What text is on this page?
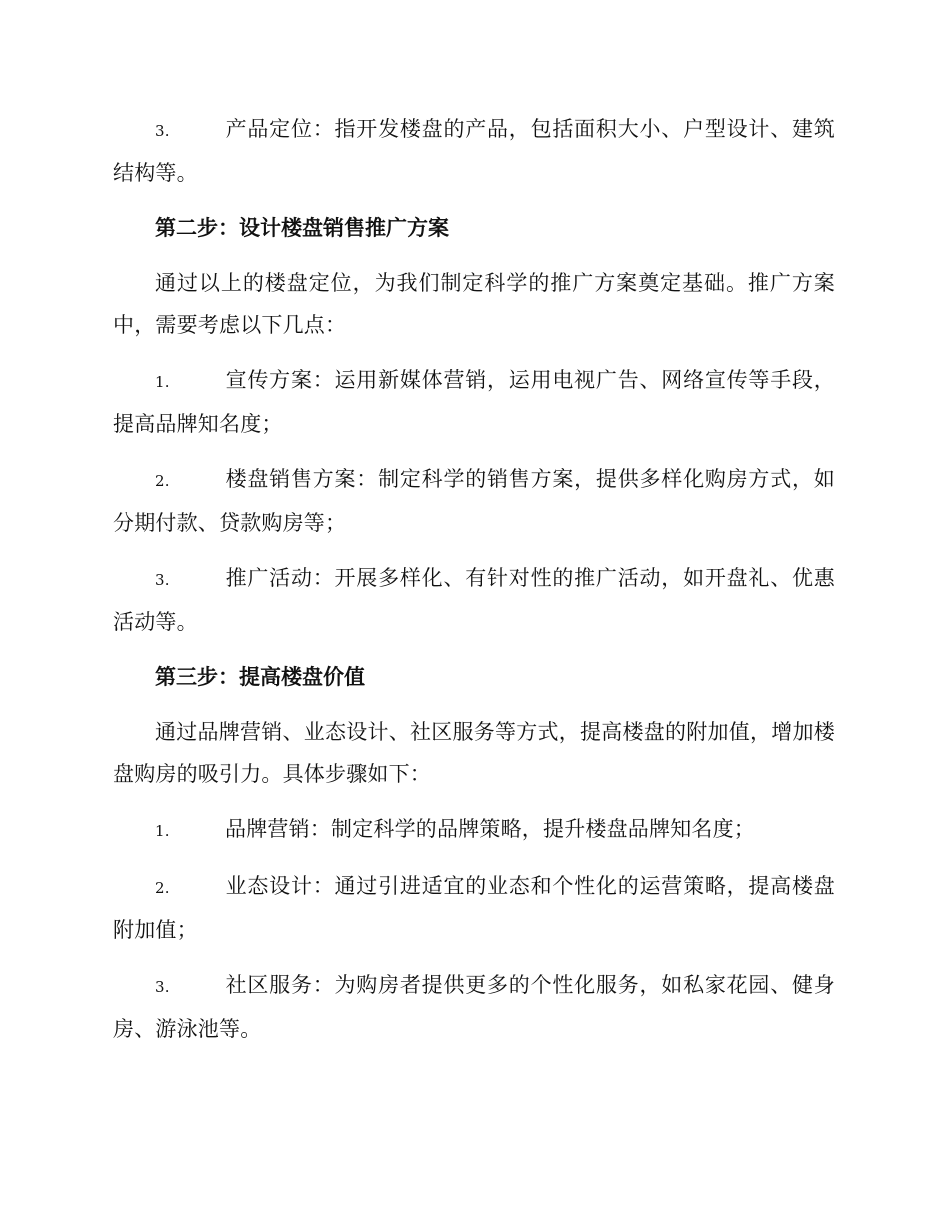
3.	产品定位：指开发楼盘的产品，包括面积大小、户型设计、建筑结构等。

第二步：设计楼盘销售推广方案

通过以上的楼盘定位，为我们制定科学的推广方案奠定基础。推广方案中，需要考虑以下几点：

1.	宣传方案：运用新媒体营销，运用电视广告、网络宣传等手段，提高品牌知名度；

2.	楼盘销售方案：制定科学的销售方案，提供多样化购房方式，如分期付款、贷款购房等；

3.	推广活动：开展多样化、有针对性的推广活动，如开盘礼、优惠活动等。

第三步：提高楼盘价值

通过品牌营销、业态设计、社区服务等方式，提高楼盘的附加值，增加楼盘购房的吸引力。具体步骤如下：

1.	品牌营销：制定科学的品牌策略，提升楼盘品牌知名度；

2.	业态设计：通过引进适宜的业态和个性化的运营策略，提高楼盘附加值；

3.	社区服务：为购房者提供更多的个性化服务，如私家花园、健身房、游泳池等。
